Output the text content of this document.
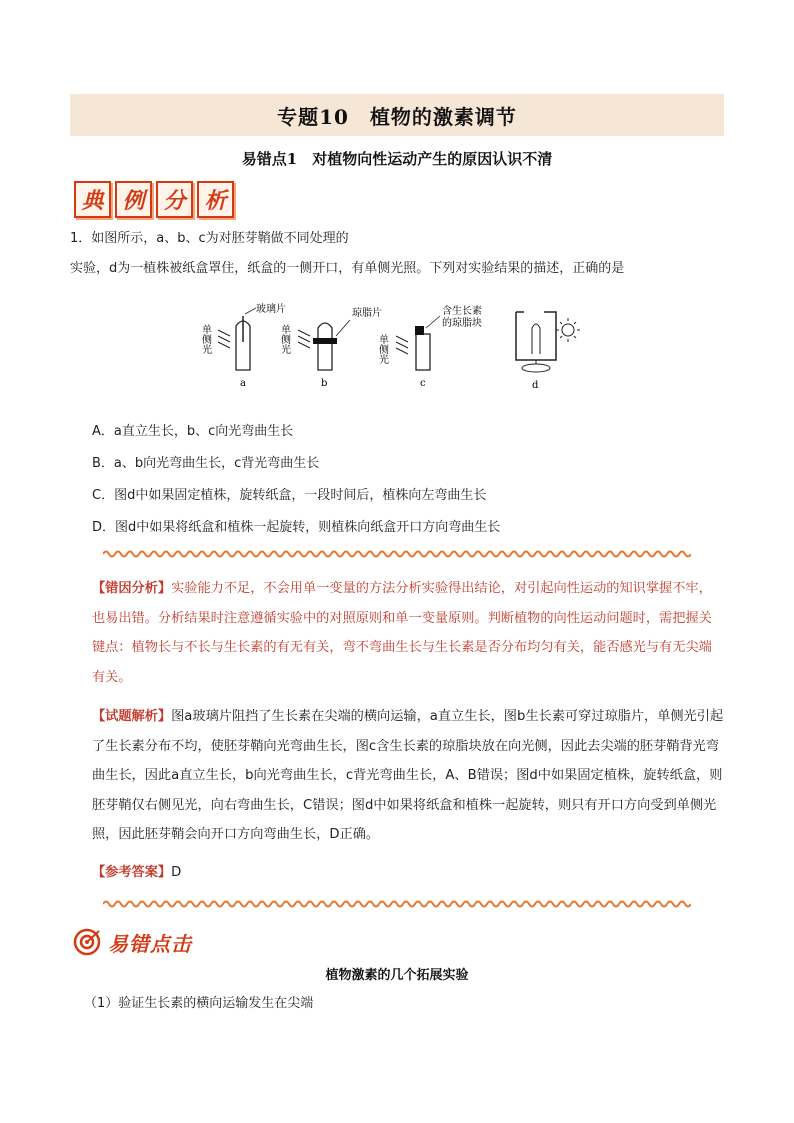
专题10　植物的激素调节
易错点1　对植物向性运动产生的原因认识不清
典 例 分 析
1．如图所示，a、b、c为对胚芽鞘做不同处理的
实验，d为一植株被纸盒罩住，纸盒的一侧开口，有单侧光照。下列对实验结果的描述，正确的是
单侧光
玻璃片
a
单侧光
琼脂片
b
单侧光
含生长素
的琼脂块
c	d
A．a直立生长，b、c向光弯曲生长
B．a、b向光弯曲生长，c背光弯曲生长
C．图d中如果固定植株，旋转纸盒，一段时间后，植株向左弯曲生长
D．图d中如果将纸盒和植株一起旋转，则植株向纸盒开口方向弯曲生长
【错因分析】实验能力不足，不会用单一变量的方法分析实验得出结论，对引起向性运动的知识掌握不牢，也易出错。分析结果时注意遵循实验中的对照原则和单一变量原则。判断植物的向性运动问题时，需把握关键点：植物长与不长与生长素的有无有关，弯不弯曲生长与生长素是否分布均匀有关，能否感光与有无尖端有关。
【试题解析】图a玻璃片阻挡了生长素在尖端的横向运输，a直立生长，图b生长素可穿过琼脂片，单侧光引起了生长素分布不均，使胚芽鞘向光弯曲生长，图c含生长素的琼脂块放在向光侧，因此去尖端的胚芽鞘背光弯曲生长，因此a直立生长，b向光弯曲生长，c背光弯曲生长，A、B错误；图d中如果固定植株，旋转纸盒，则胚芽鞘仅右侧见光，向右弯曲生长，C错误；图d中如果将纸盒和植株一起旋转，则只有开口方向受到单侧光照，因此胚芽鞘会向开口方向弯曲生长，D正确。
【参考答案】D
易错点击
植物激素的几个拓展实验
（1）验证生长素的横向运输发生在尖端
